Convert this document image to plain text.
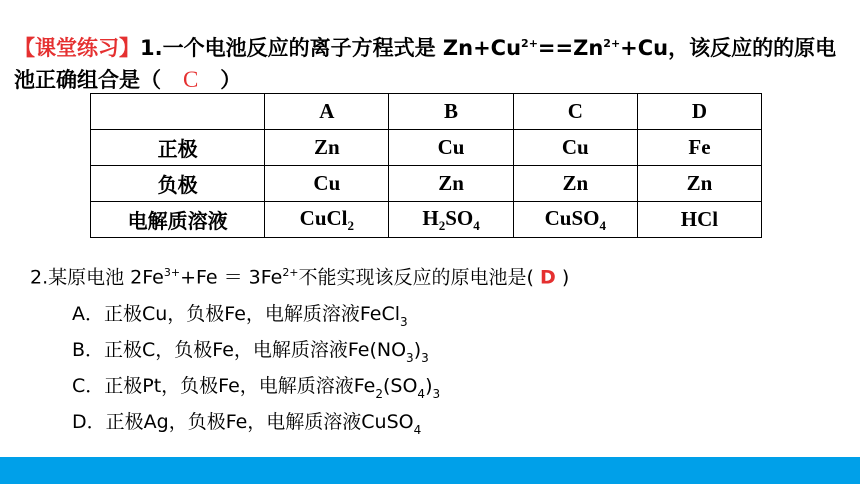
【课堂练习】1.一个电池反应的离子方程式是 $Zn+Cu^{2+}==Zn^{2+}+Cu$，该反应的的原电池正确组合是（   C   ）
	A	B	C	D
正极	Zn	Cu	Cu	Fe
负极	Cu	Zn	Zn	Zn
电解质溶液	CuCl$_2$	$H_2SO_4$	CuSO$_4$	HCl
2.某原电池 $2Fe^{3+}+Fe = 3Fe^{2+}$不能实现该反应的原电池是( D )
A．正极Cu，负极Fe，电解质溶液FeCl$_3$
B．正极C，负极Fe，电解质溶液$Fe(NO_3)_3$
C．正极Pt，负极Fe，电解质溶液$Fe_2(SO_4)_3$
D．正极Ag，负极Fe，电解质溶液CuSO$_4$
